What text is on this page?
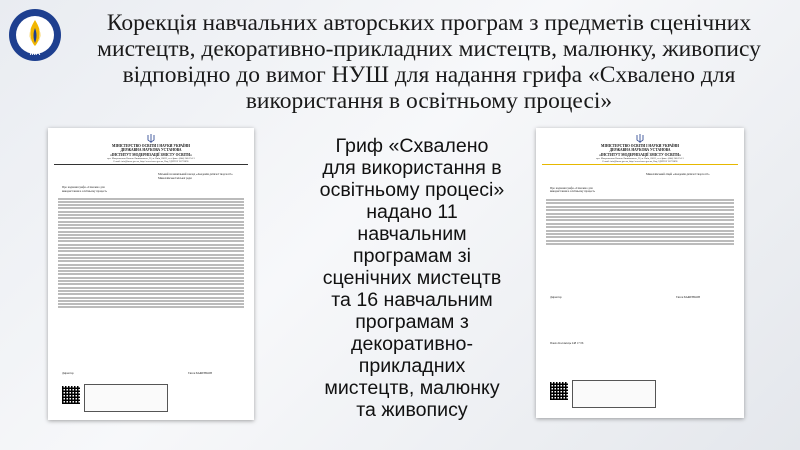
МА
Корекція навчальних авторських програм з предметів сценічних мистецтв, декоративно-прикладних мистецтв, малюнку, живопису відповідно до вимог НУШ для надання грифа «Схвалено для використання в освітньому процесі»
МІНІСТЕРСТВО ОСВІТИ І НАУКИ УКРАЇНИ
ДЕРЖАВНА НАУКОВА УСТАНОВА
«ІНСТИТУТ МОДЕРНІЗАЦІЇ ЗМІСТУ ОСВІТИ»
вул. Митрополита Василя Липківського, 36, м. Київ, 03035, тел./факс: (044) 248-25-13
E-mail: info@imzo.gov.ua, http://www.imzo.gov.ua, Код ЄДРПОУ 38776896
Міський позашкільний заклад «Академія дитячої творчості» Миколаївської міської ради
Про надання грифа «Схвалено для використання в освітньому процесі»
Директор	Євген БАЖЕНКОВ
Гриф «Схвалено для використання в освітньому процесі» надано 11 навчальним програмам зі сценічних мистецтв та 16 навчальним програмам з декоративно-прикладних мистецтв, малюнку та живопису
МІНІСТЕРСТВО ОСВІТИ І НАУКИ УКРАЇНИ
ДЕРЖАВНА НАУКОВА УСТАНОВА
«ІНСТИТУТ МОДЕРНІЗАЦІЇ ЗМІСТУ ОСВІТИ»
вул. Митрополита Василя Липківського, 36, м. Київ, 03035, тел./факс: (044) 248-25-13
E-mail: info@imzo.gov.ua, http://www.imzo.gov.ua, Код ЄДРПОУ 38776896
Миколаївський ліцей «Академія дитячої творчості»
Про надання грифа «Схвалено для використання в освітньому процесі»
Директор	Євген БАЖЕНКОВ
Павло Коломієць 248 17 06
